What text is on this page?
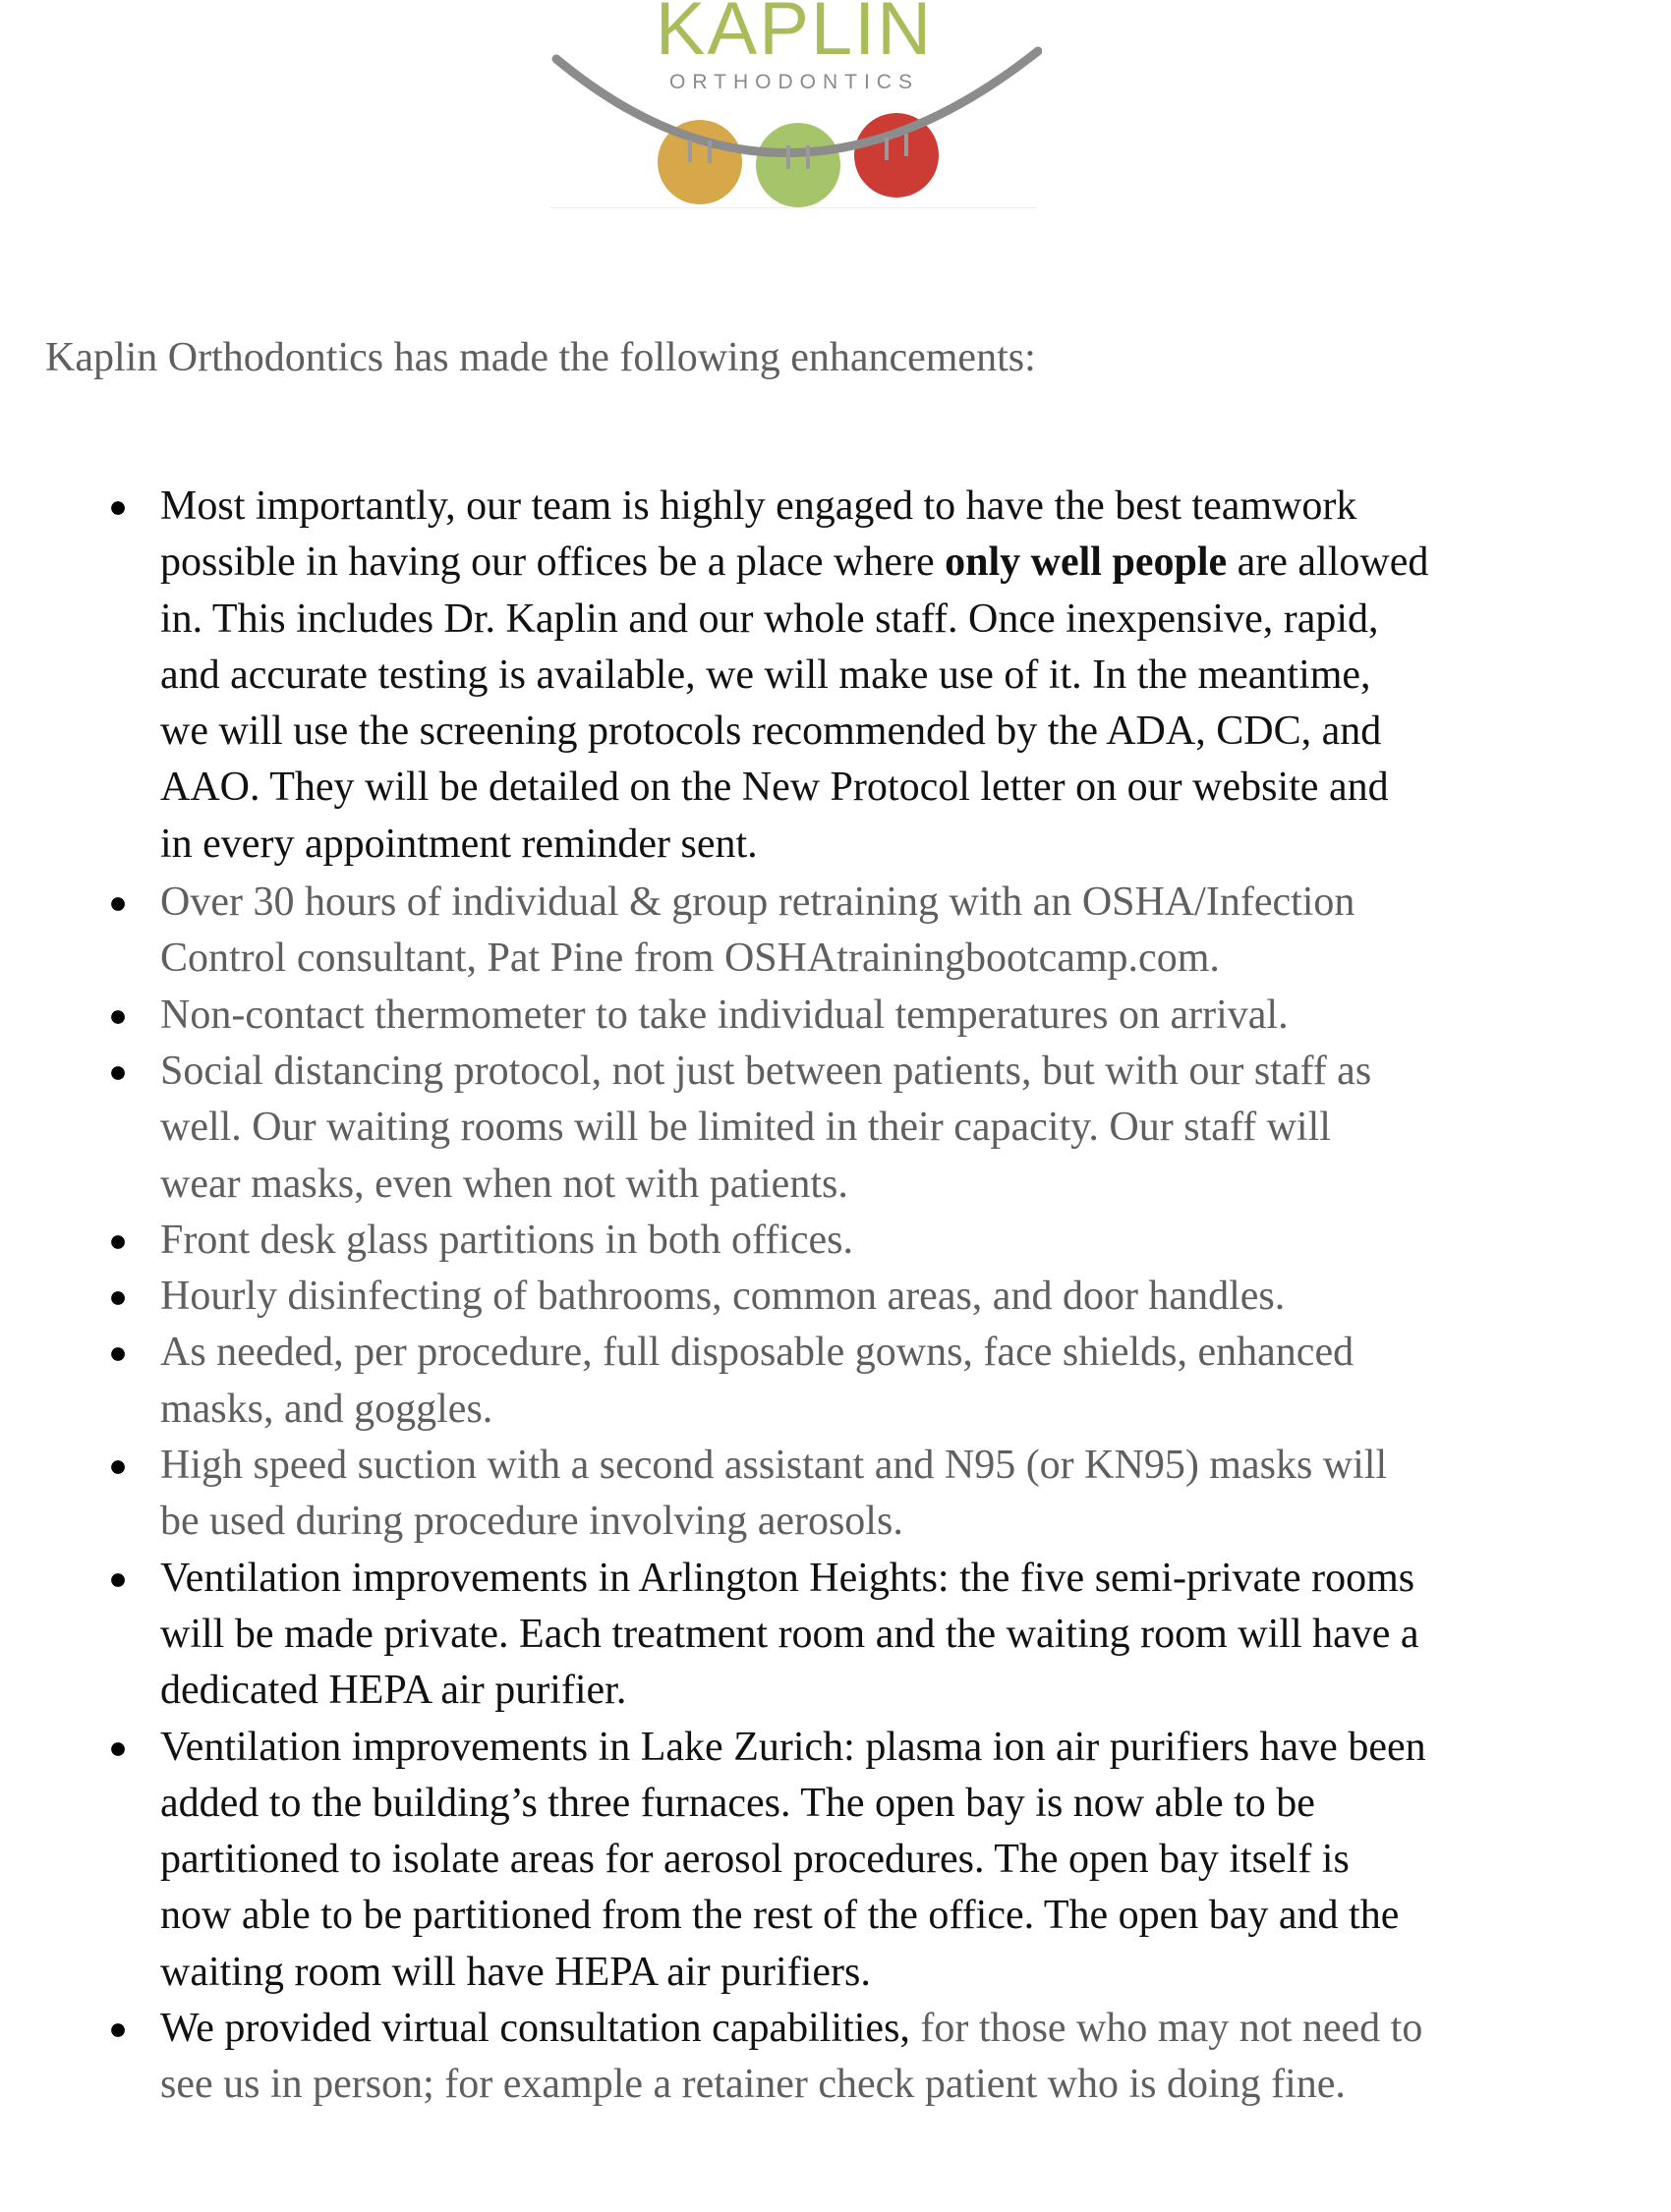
KAPLIN
ORTHODONTICS

Kaplin Orthodontics has made the following enhancements:

● Most importantly, our team is highly engaged to have the best teamwork
possible in having our offices be a place where only well people are allowed
in. This includes Dr. Kaplin and our whole staff. Once inexpensive, rapid,
and accurate testing is available, we will make use of it. In the meantime,
we will use the screening protocols recommended by the ADA, CDC, and
AAO. They will be detailed on the New Protocol letter on our website and
in every appointment reminder sent.
● Over 30 hours of individual & group retraining with an OSHA/Infection
Control consultant, Pat Pine from OSHAtrainingbootcamp.com.
● Non-contact thermometer to take individual temperatures on arrival.
● Social distancing protocol, not just between patients, but with our staff as
well. Our waiting rooms will be limited in their capacity. Our staff will
wear masks, even when not with patients.
● Front desk glass partitions in both offices.
● Hourly disinfecting of bathrooms, common areas, and door handles.
● As needed, per procedure, full disposable gowns, face shields, enhanced
masks, and goggles.
● High speed suction with a second assistant and N95 (or KN95) masks will
be used during procedure involving aerosols.
● Ventilation improvements in Arlington Heights: the five semi-private rooms
will be made private. Each treatment room and the waiting room will have a
dedicated HEPA air purifier.
● Ventilation improvements in Lake Zurich: plasma ion air purifiers have been
added to the building’s three furnaces. The open bay is now able to be
partitioned to isolate areas for aerosol procedures. The open bay itself is
now able to be partitioned from the rest of the office. The open bay and the
waiting room will have HEPA air purifiers.
● We provided virtual consultation capabilities, for those who may not need to
see us in person; for example a retainer check patient who is doing fine.
